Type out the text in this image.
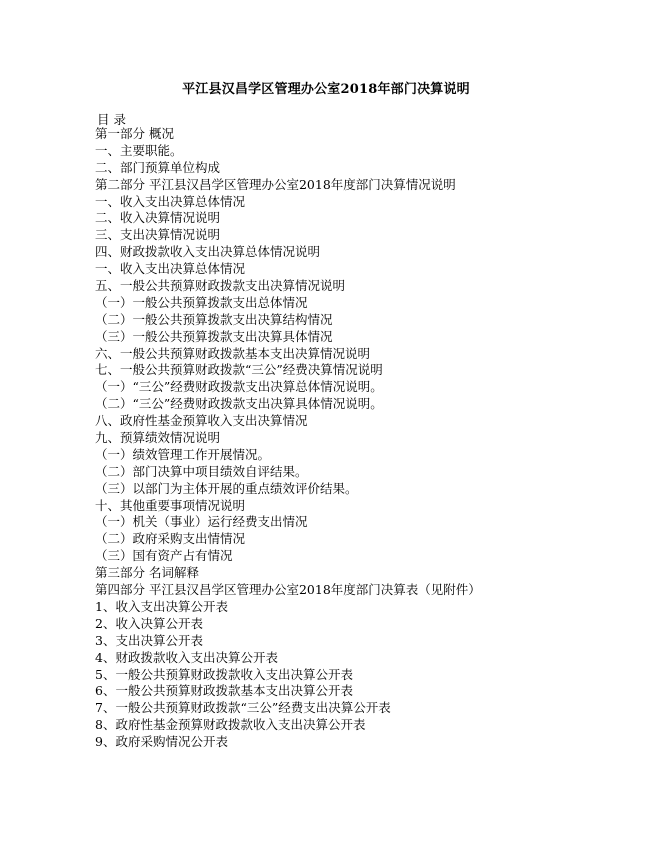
平江县汉昌学区管理办公室2018年部门决算说明
目 录
第一部分 概况
一、主要职能。
二、部门预算单位构成
第二部分 平江县汉昌学区管理办公室2018年度部门决算情况说明
一、收入支出决算总体情况
二、收入决算情况说明
三、支出决算情况说明
四、财政拨款收入支出决算总体情况说明
一、收入支出决算总体情况
五、一般公共预算财政拨款支出决算情况说明
（一）一般公共预算拨款支出总体情况
（二）一般公共预算拨款支出决算结构情况
（三）一般公共预算拨款支出决算具体情况
六、一般公共预算财政拨款基本支出决算情况说明
七、一般公共预算财政拨款“三公”经费决算情况说明
（一）“三公”经费财政拨款支出决算总体情况说明。
（二）“三公”经费财政拨款支出决算具体情况说明。
八、政府性基金预算收入支出决算情况
九、预算绩效情况说明
（一）绩效管理工作开展情况。
（二）部门决算中项目绩效自评结果。
（三）以部门为主体开展的重点绩效评价结果。
十、其他重要事项情况说明
（一）机关（事业）运行经费支出情况
（二）政府采购支出情情况
（三）国有资产占有情况
第三部分 名词解释
第四部分 平江县汉昌学区管理办公室2018年度部门决算表（见附件）
1、收入支出决算公开表
2、收入决算公开表
3、支出决算公开表
4、财政拨款收入支出决算公开表
5、一般公共预算财政拨款收入支出决算公开表
6、一般公共预算财政拨款基本支出决算公开表
7、一般公共预算财政拨款“三公”经费支出决算公开表
8、政府性基金预算财政拨款收入支出决算公开表
9、政府采购情况公开表
